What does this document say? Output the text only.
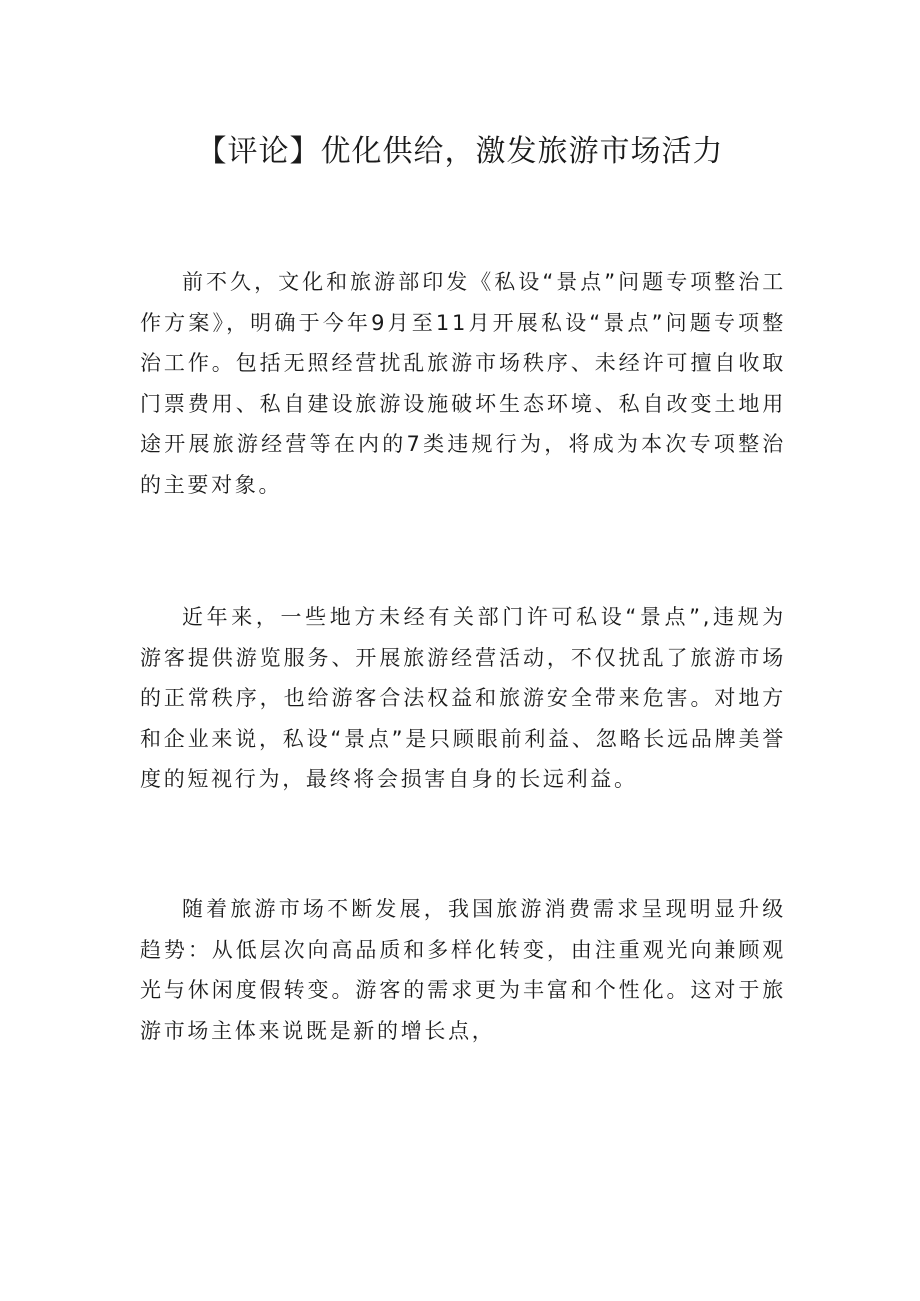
【评论】优化供给，激发旅游市场活力

前不久，文化和旅游部印发《私设“景点”问题专项整治工作方案》，明确于今年9月至11月开展私设“景点”问题专项整治工作。包括无照经营扰乱旅游市场秩序、未经许可擅自收取门票费用、私自建设旅游设施破坏生态环境、私自改变土地用途开展旅游经营等在内的7类违规行为，将成为本次专项整治的主要对象。

近年来，一些地方未经有关部门许可私设“景点”,违规为游客提供游览服务、开展旅游经营活动，不仅扰乱了旅游市场的正常秩序，也给游客合法权益和旅游安全带来危害。对地方和企业来说，私设“景点”是只顾眼前利益、忽略长远品牌美誉度的短视行为，最终将会损害自身的长远利益。

随着旅游市场不断发展，我国旅游消费需求呈现明显升级趋势：从低层次向高品质和多样化转变，由注重观光向兼顾观光与休闲度假转变。游客的需求更为丰富和个性化。这对于旅游市场主体来说既是新的增长点，
